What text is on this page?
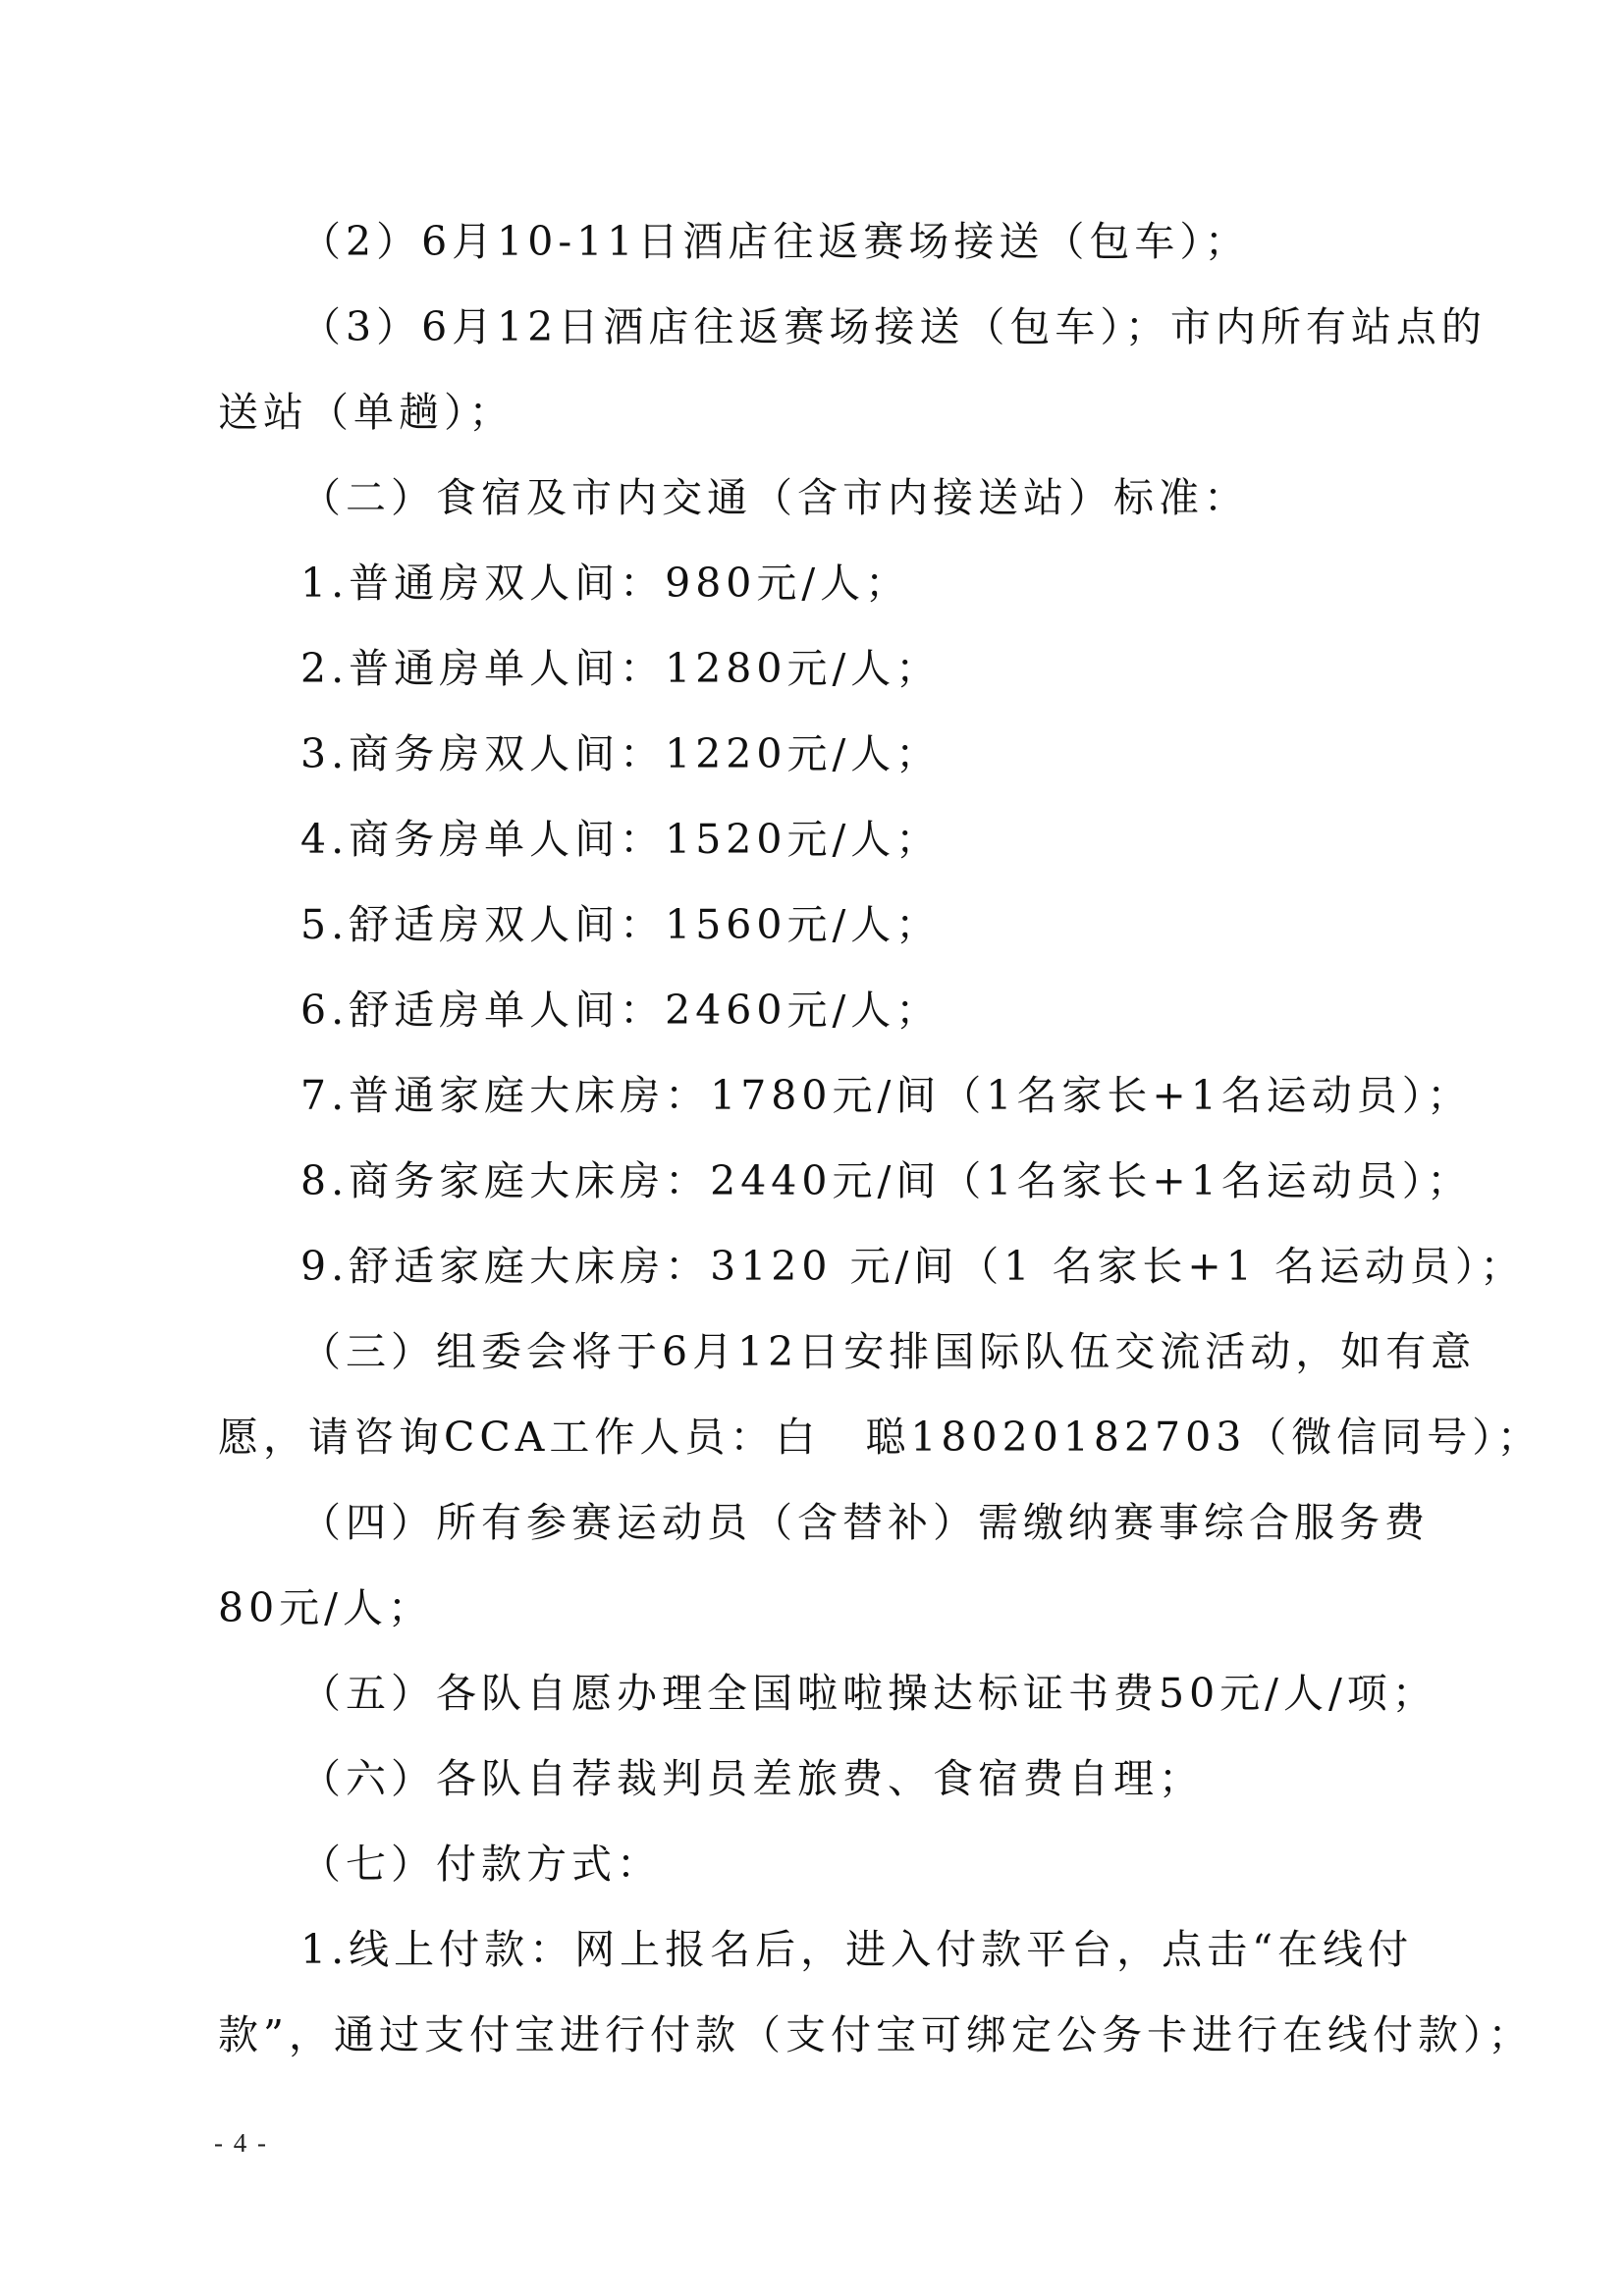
（2）6月10-11日酒店往返赛场接送（包车）；

（3）6月12日酒店往返赛场接送（包车）；市内所有站点的

送站（单趟）；

（二）食宿及市内交通（含市内接送站）标准：

1.普通房双人间：980元/人；

2.普通房单人间：1280元/人；

3.商务房双人间：1220元/人；

4.商务房单人间：1520元/人；

5.舒适房双人间：1560元/人；

6.舒适房单人间：2460元/人；

7.普通家庭大床房：1780元/间（1名家长+1名运动员）；

8.商务家庭大床房：2440元/间（1名家长+1名运动员）；

9.舒适家庭大床房：3120 元/间（1 名家长+1 名运动员）；

（三）组委会将于6月12日安排国际队伍交流活动，如有意

愿，请咨询CCA工作人员：白　聪18020182703（微信同号）；

（四）所有参赛运动员（含替补）需缴纳赛事综合服务费

80元/人；

（五）各队自愿办理全国啦啦操达标证书费50元/人/项；

（六）各队自荐裁判员差旅费、食宿费自理；

（七）付款方式：

1.线上付款：网上报名后，进入付款平台，点击“在线付

款”，通过支付宝进行付款（支付宝可绑定公务卡进行在线付款）；

- 4 -
